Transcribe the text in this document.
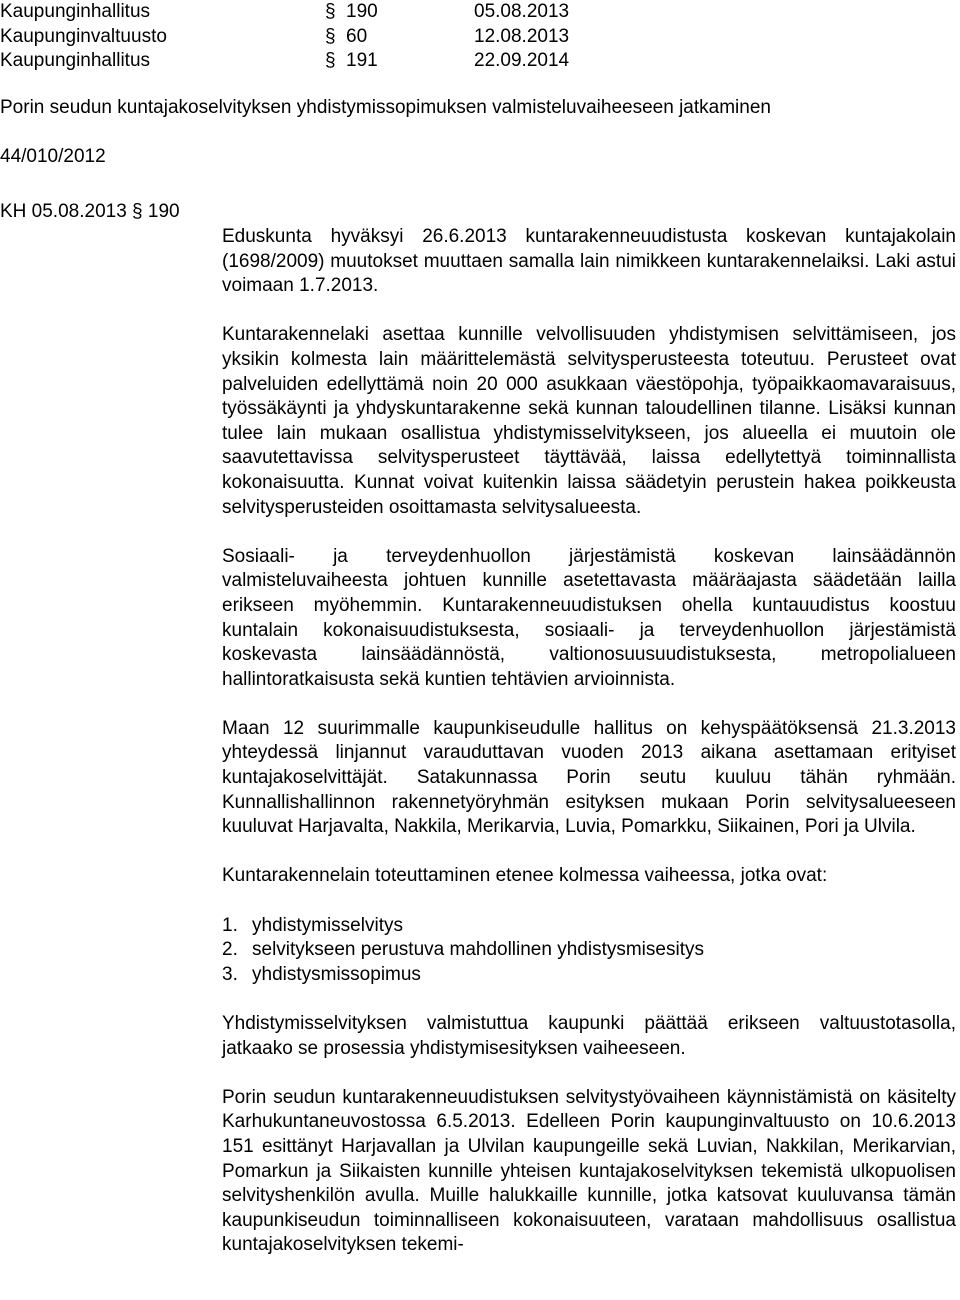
Kaupunginhallitus	§ 190	05.08.2013
Kaupunginvaltuusto	§ 60	12.08.2013
Kaupunginhallitus	§ 191	22.09.2014
Porin seudun kuntajakoselvityksen yhdistymissopimuksen valmisteluvaiheeseen jatkaminen
44/010/2012
KH 05.08.2013 § 190

Eduskunta hyväksyi 26.6.2013 kuntarakenneuudistusta koskevan kuntajakolain (1698/2009) muutokset muuttaen samalla lain nimikkeen kuntarakennelaiksi. Laki astui voimaan 1.7.2013.

Kuntarakennelaki asettaa kunnille velvollisuuden yhdistymisen selvittämiseen, jos yksikin kolmesta lain määrittelemästä selvitysperusteesta toteutuu. Perusteet ovat palveluiden edellyttämä noin 20 000 asukkaan väestöpohja, työpaikkaomavaraisuus, työssäkäynti ja yhdyskuntarakenne sekä kunnan taloudellinen tilanne. Lisäksi kunnan tulee lain mukaan osallistua yhdistymisselvitykseen, jos alueella ei muutoin ole saavutettavissa selvitysperusteet täyttävää, laissa edellytettyä toiminnallista kokonaisuutta. Kunnat voivat kuitenkin laissa säädetyin perustein hakea poikkeusta selvitysperusteiden osoittamasta selvitysalueesta.

Sosiaali- ja terveydenhuollon järjestämistä koskevan lainsäädännön valmisteluvaiheesta johtuen kunnille asetettavasta määräajasta säädetään lailla erikseen myöhemmin. Kuntarakenneuudistuksen ohella kuntauudistus koostuu kuntalain kokonaisuudistuksesta, sosiaali- ja terveydenhuollon järjestämistä koskevasta lainsäädännöstä, valtionosuusuudistuksesta, metropolialueen hallintoratkaisusta sekä kuntien tehtävien arvioinnista.

Maan 12 suurimmalle kaupunkiseudulle hallitus on kehyspäätöksensä 21.3.2013 yhteydessä linjannut varauduttavan vuoden 2013 aikana asettamaan erityiset kuntajakoselvittäjät. Satakunnassa Porin seutu kuuluu tähän ryhmään. Kunnallishallinnon rakennetyöryhmän esityksen mukaan Porin selvitysalueeseen kuuluvat Harjavalta, Nakkila, Merikarvia, Luvia, Pomarkku, Siikainen, Pori ja Ulvila.

Kuntarakennelain toteuttaminen etenee kolmessa vaiheessa, jotka ovat:

1. yhdistymisselvitys
2. selvitykseen perustuva mahdollinen yhdistysmisesitys
3. yhdistysmissopimus

Yhdistymisselvityksen valmistuttua kaupunki päättää erikseen valtuustotasolla, jatkaako se prosessia yhdistymisesityksen vaiheeseen.

Porin seudun kuntarakenneuudistuksen selvitystyövaiheen käynnistämistä on käsitelty Karhukuntaneuvostossa 6.5.2013. Edelleen Porin kaupunginvaltuusto on 10.6.2013 151 esittänyt Harjavallan ja Ulvilan kaupungeille sekä Luvian, Nakkilan, Merikarvian, Pomarkun ja Siikaisten kunnille yhteisen kuntajakoselvityksen tekemistä ulkopuolisen selvityshenkilön avulla. Muille halukkaille kunnille, jotka katsovat kuuluvansa tämän kaupunkiseudun toiminnalliseen kokonaisuuteen, varataan mahdollisuus osallistua kuntajakoselvityksen tekemi-
